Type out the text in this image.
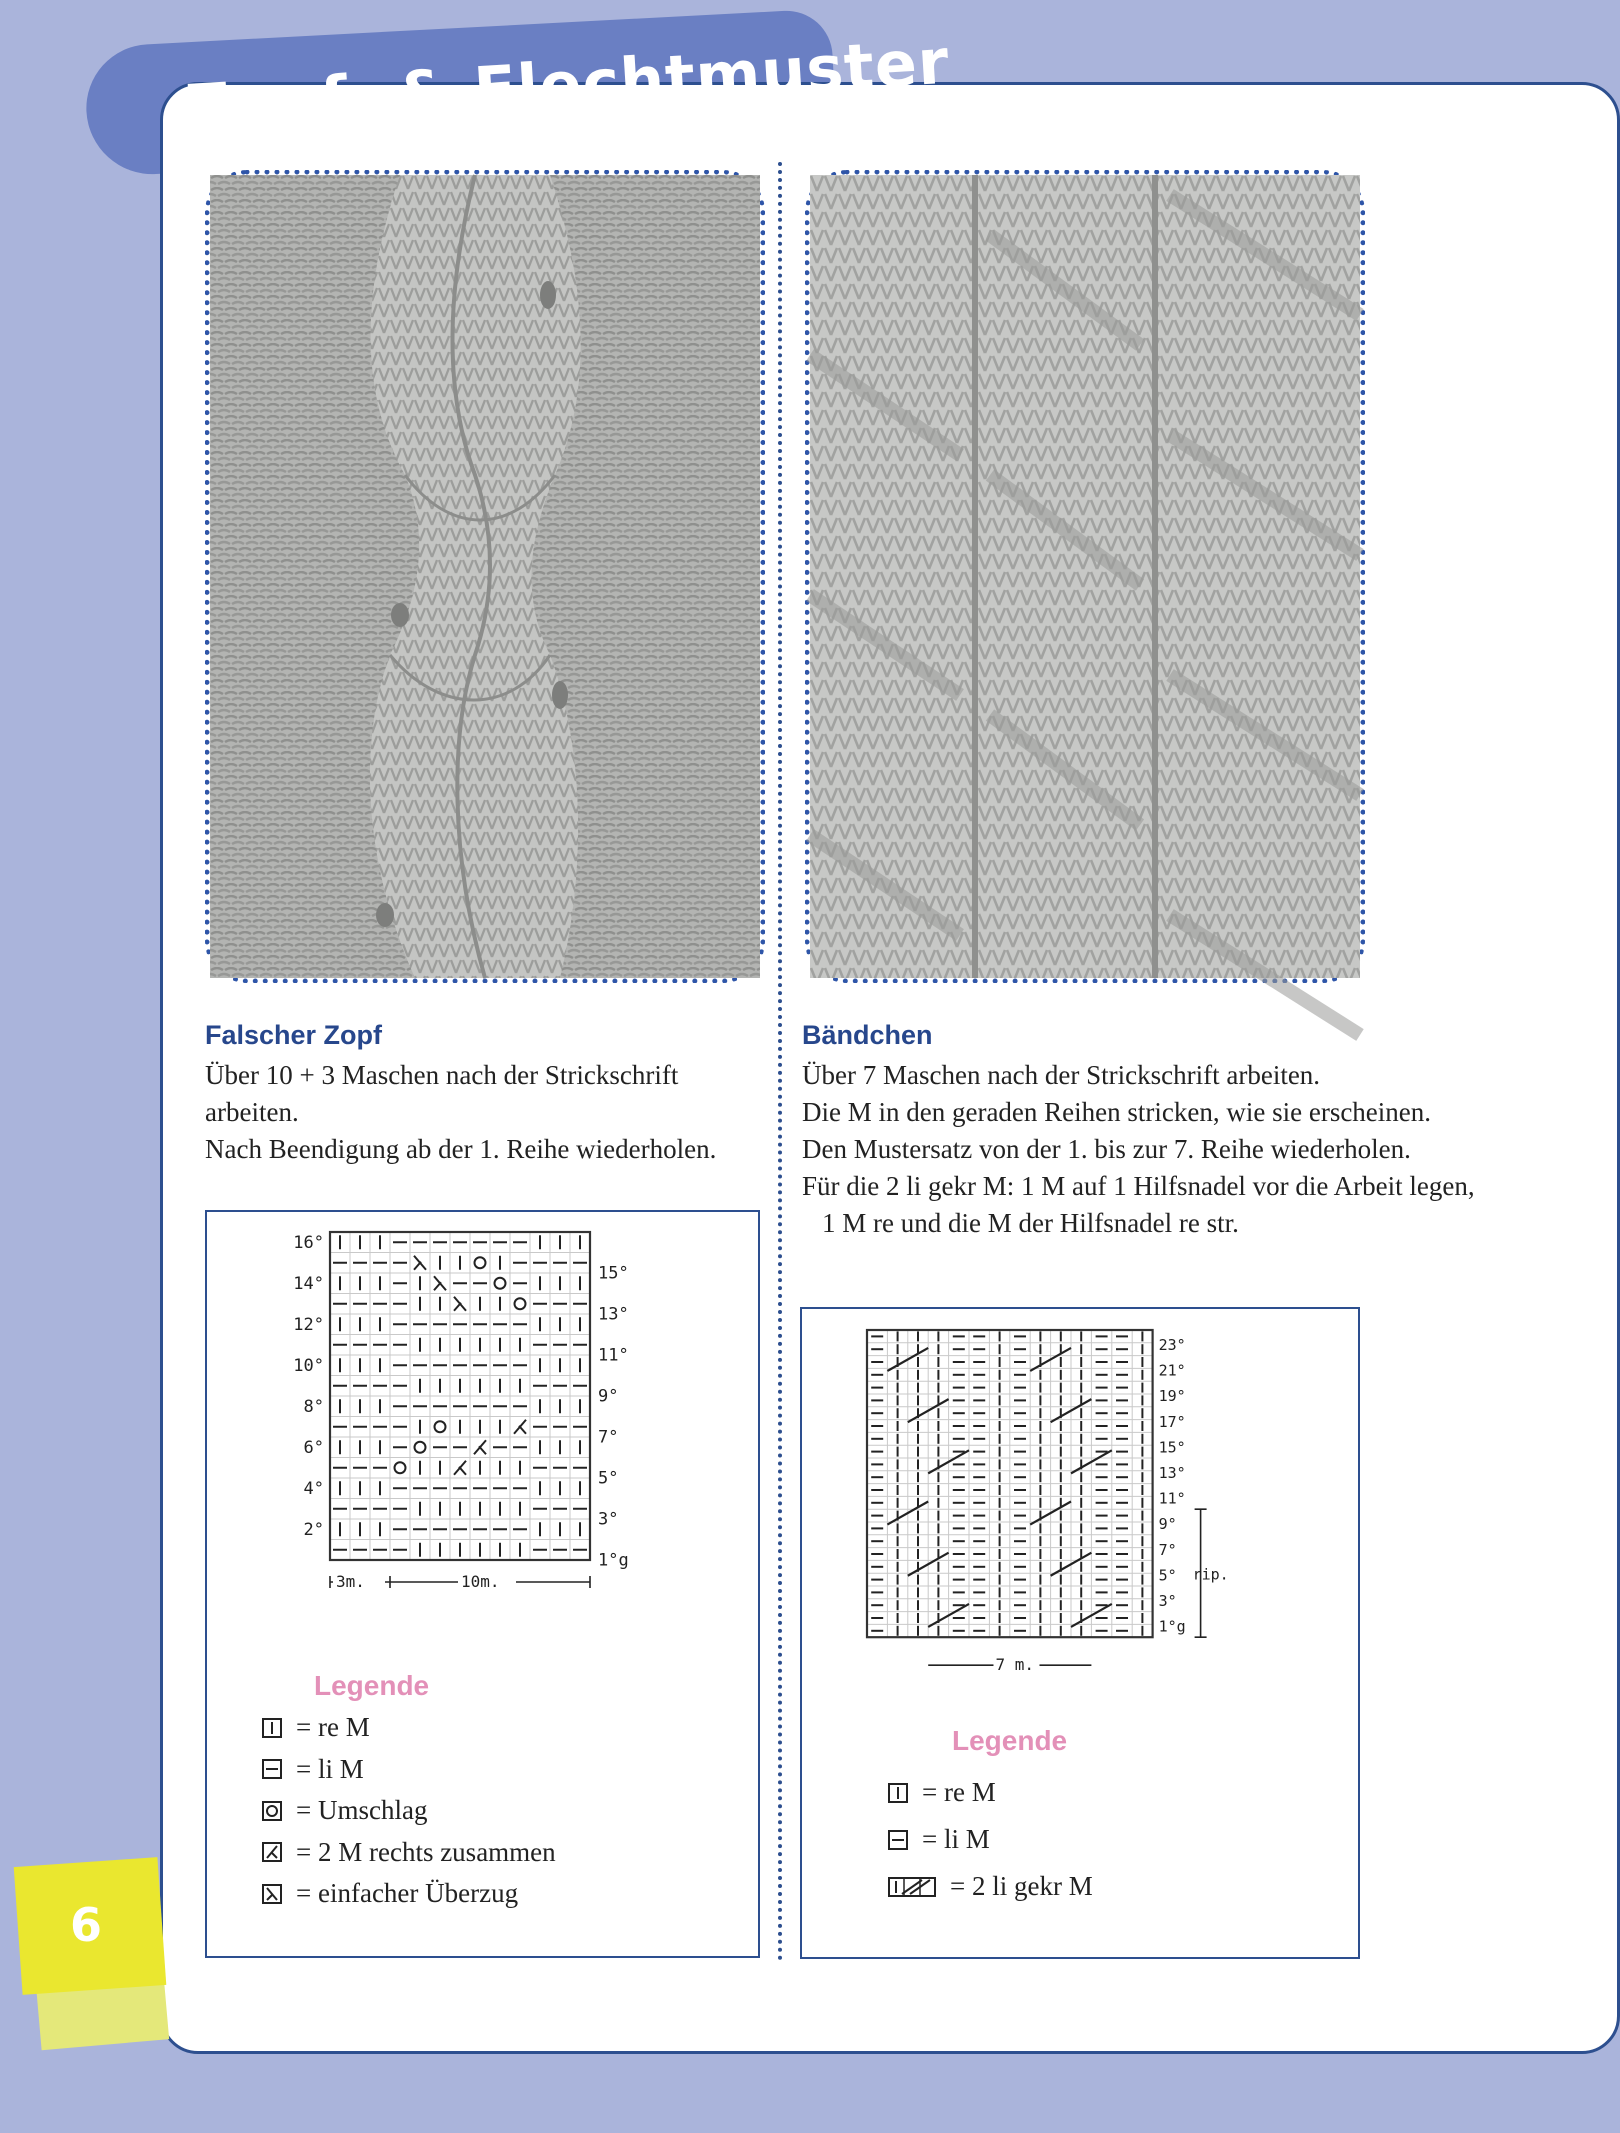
Zopf- & Flechtmuster
6
Falscher Zopf
Über 10 + 3 Maschen nach der Strickschrift
arbeiten.
Nach Beendigung ab der 1. Reihe wiederholen.
Bändchen
Über 7 Maschen nach der Strickschrift arbeiten.
Die M in den geraden Reihen stricken, wie sie erscheinen.
Den Mustersatz von der 1. bis zur 7. Reihe wiederholen.
Für die 2 li gekr M: 1 M auf 1 Hilfsnadel vor die Arbeit legen,
1 M re und die M der Hilfsnadel re str.
16°
14°
12°
10°
8°
6°
4°
2°
15°
13°
11°
9°
7°
5°
3°
1°g
3m.	10m.
Legende
= re M
= li M
= Umschlag
= 2 M rechts zusammen
= einfacher Überzug
23°
21°
19°
17°
15°
13°
11°
9°
7°
5°
3°
1°g
rip.
7 m.
Legende
= re M
= li M
= 2 li gekr M
